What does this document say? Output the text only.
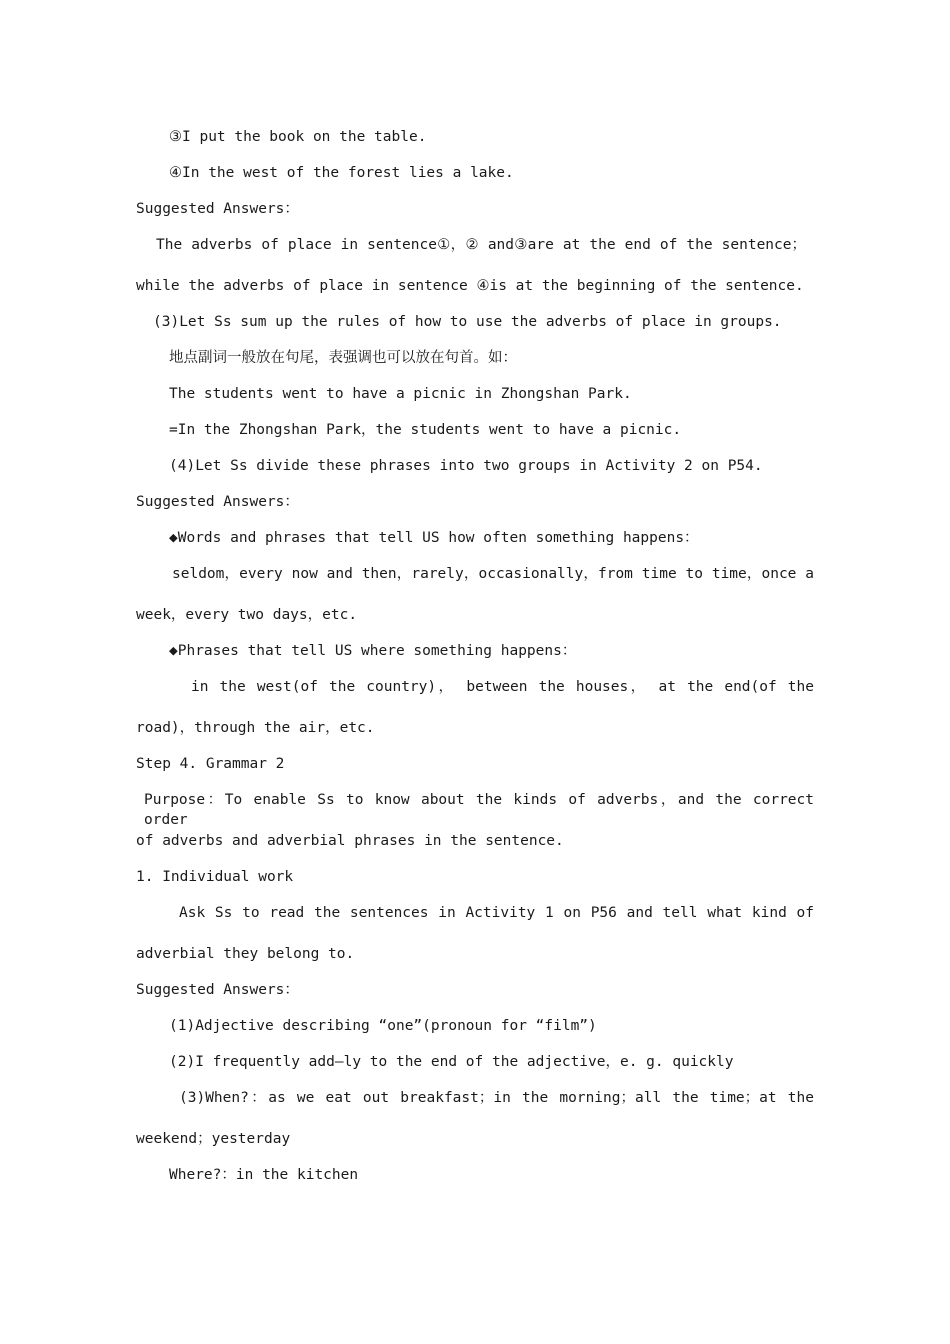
③I put the book on the table.
④In the west of the forest lies a lake.
Suggested Answers：
The adverbs of place in sentence①，② and③are at the end of the sentence；
while the adverbs of place in sentence ④is at the beginning of the sentence.
(3)Let Ss sum up the rules of how to use the adverbs of place in groups.
地点副词一般放在句尾，表强调也可以放在句首。如：
The students went to have a picnic in Zhongshan Park.
=In the Zhongshan Park，the students went to have a picnic.
(4)Let Ss divide these phrases into two groups in Activity 2 on P54.
Suggested Answers：
◆Words and phrases that tell US how often something happens：
seldom，every now and then，rarely，occasionally，from time to time，once a
week，every two days，etc.
◆Phrases that tell US where something happens：
in the west(of the country)， between the houses， at the end(of the
road)，through the air，etc.
Step 4. Grammar 2
Purpose：To enable Ss to know about the kinds of adverbs，and the correct order
of adverbs and adverbial phrases in the sentence.
1. Individual work
Ask Ss to read the sentences in Activity 1 on P56 and tell what kind of
adverbial they belong to.
Suggested Answers：
(1)Adjective describing “one”(pronoun for “film”)
(2)I frequently add—ly to the end of the adjective，e. g. quickly
(3)When?：as we eat out breakfast；in the morning；all the time；at the
weekend；yesterday
Where?：in the kitchen
